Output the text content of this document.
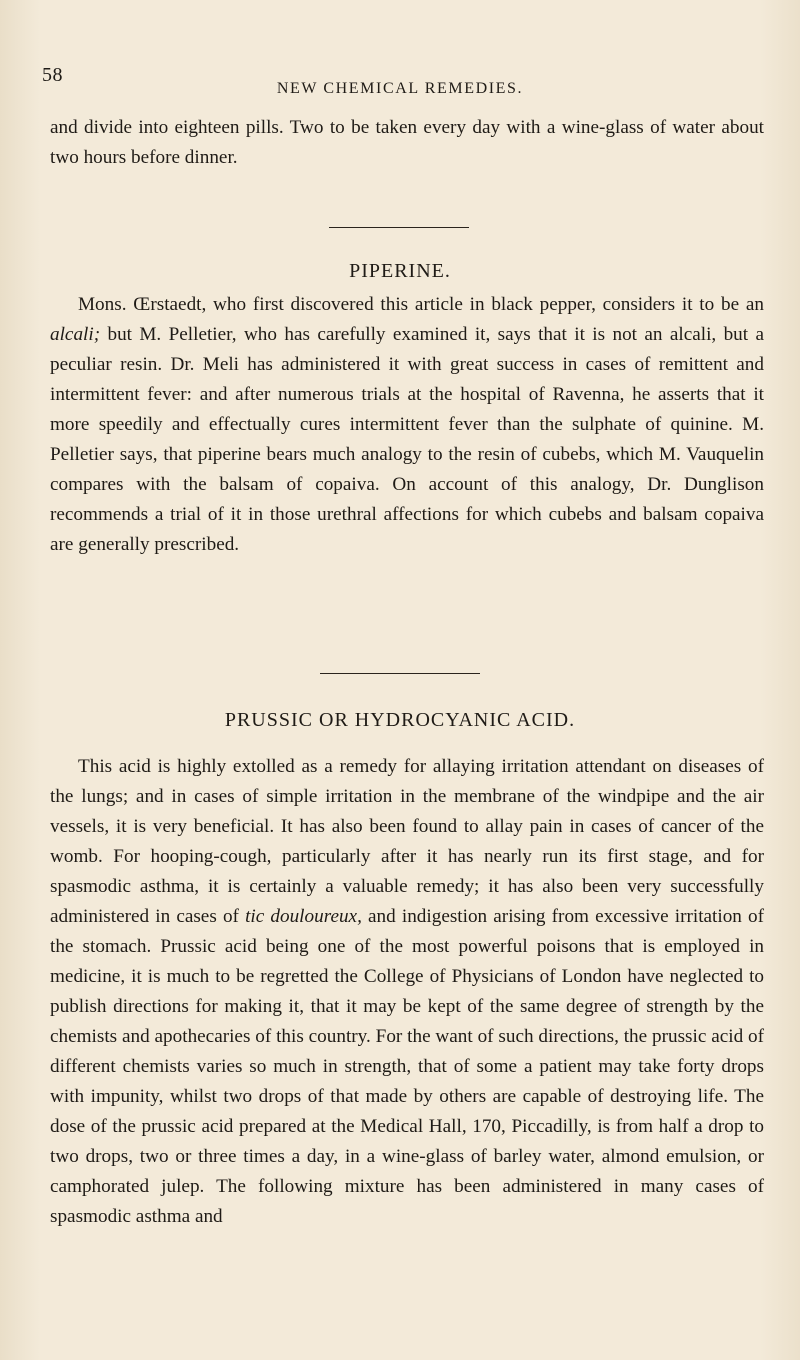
58
NEW CHEMICAL REMEDIES.

and divide into eighteen pills. Two to be taken every day with a wine-glass of water about two hours before dinner.

PIPERINE.

Mons. Œrstaedt, who first discovered this article in black pepper, considers it to be an alcali; but M. Pelletier, who has carefully examined it, says that it is not an alcali, but a peculiar resin. Dr. Meli has administered it with great success in cases of remittent and intermittent fever: and after numerous trials at the hospital of Ravenna, he asserts that it more speedily and effectually cures intermittent fever than the sulphate of quinine. M. Pelletier says, that piperine bears much analogy to the resin of cubebs, which M. Vauquelin compares with the balsam of copaiva. On account of this analogy, Dr. Dunglison recommends a trial of it in those urethral affections for which cubebs and balsam copaiva are generally prescribed.

PRUSSIC OR HYDROCYANIC ACID.

This acid is highly extolled as a remedy for allaying irritation attendant on diseases of the lungs; and in cases of simple irritation in the membrane of the windpipe and the air vessels, it is very beneficial. It has also been found to allay pain in cases of cancer of the womb. For hooping-cough, particularly after it has nearly run its first stage, and for spasmodic asthma, it is certainly a valuable remedy; it has also been very successfully administered in cases of tic douloureux, and indigestion arising from excessive irritation of the stomach. Prussic acid being one of the most powerful poisons that is employed in medicine, it is much to be regretted the College of Physicians of London have neglected to publish directions for making it, that it may be kept of the same degree of strength by the chemists and apothecaries of this country. For the want of such directions, the prussic acid of different chemists varies so much in strength, that of some a patient may take forty drops with impunity, whilst two drops of that made by others are capable of destroying life. The dose of the prussic acid prepared at the Medical Hall, 170, Piccadilly, is from half a drop to two drops, two or three times a day, in a wine-glass of barley water, almond emulsion, or camphorated julep. The following mixture has been administered in many cases of spasmodic asthma and
